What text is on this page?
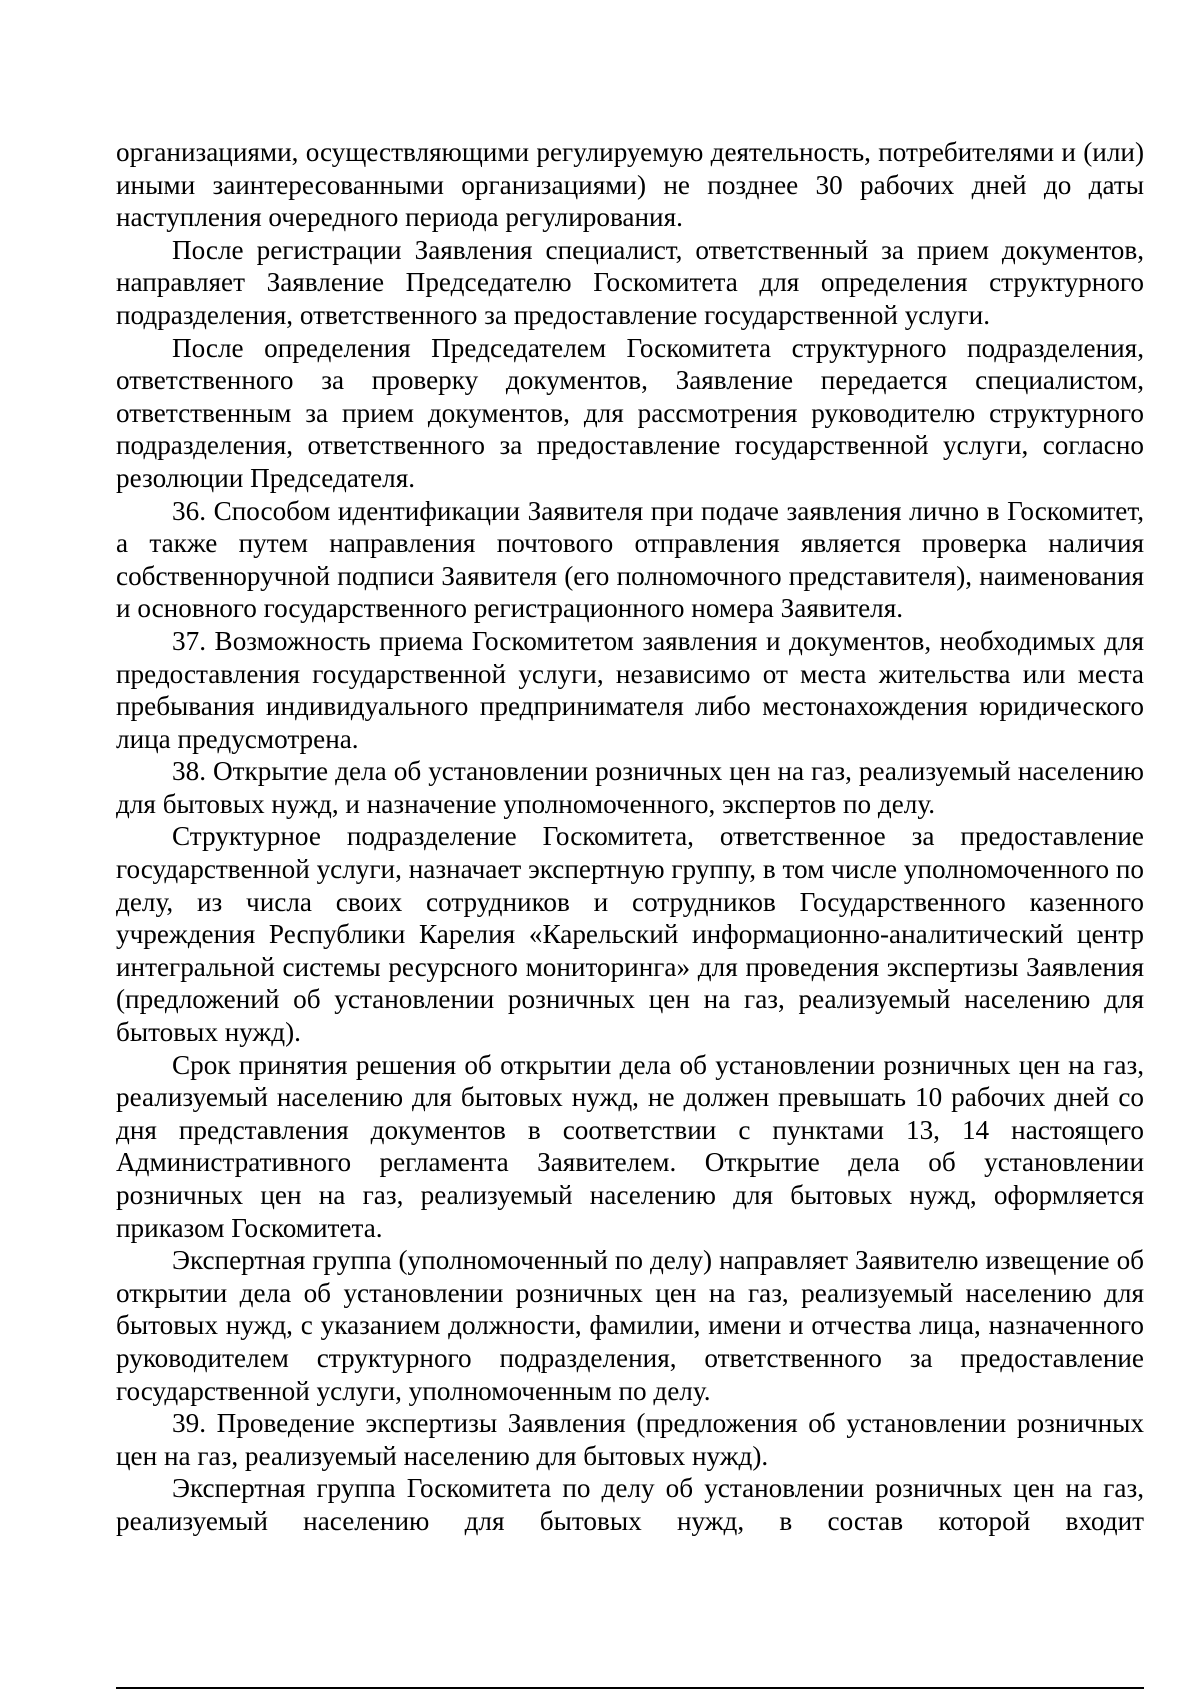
организациями, осуществляющими регулируемую деятельность, потребителями и (или) иными заинтересованными организациями) не позднее 30 рабочих дней до даты наступления очередного периода регулирования.

После регистрации Заявления специалист, ответственный за прием документов, направляет Заявление Председателю Госкомитета для определения структурного подразделения, ответственного за предоставление государственной услуги.

После определения Председателем Госкомитета структурного подразделения, ответственного за проверку документов, Заявление передается специалистом, ответственным за прием документов, для рассмотрения руководителю структурного подразделения, ответственного за предоставление государственной услуги, согласно резолюции Председателя.

36. Способом идентификации Заявителя при подаче заявления лично в Госкомитет, а также путем направления почтового отправления является проверка наличия собственноручной подписи Заявителя (его полномочного представителя), наименования и основного государственного регистрационного номера Заявителя.

37. Возможность приема Госкомитетом заявления и документов, необходимых для предоставления государственной услуги, независимо от места жительства или места пребывания индивидуального предпринимателя либо местонахождения юридического лица предусмотрена.

38. Открытие дела об установлении розничных цен на газ, реализуемый населению для бытовых нужд, и назначение уполномоченного, экспертов по делу.

Структурное подразделение Госкомитета, ответственное за предоставление государственной услуги, назначает экспертную группу, в том числе уполномоченного по делу, из числа своих сотрудников и сотрудников Государственного казенного учреждения Республики Карелия «Карельский информационно-аналитический центр интегральной системы ресурсного мониторинга» для проведения экспертизы Заявления (предложений об установлении розничных цен на газ, реализуемый населению для бытовых нужд).

Срок принятия решения об открытии дела об установлении розничных цен на газ, реализуемый населению для бытовых нужд, не должен превышать 10 рабочих дней со дня представления документов в соответствии с пунктами 13, 14 настоящего Административного регламента Заявителем. Открытие дела об установлении розничных цен на газ, реализуемый населению для бытовых нужд, оформляется приказом Госкомитета.

Экспертная группа (уполномоченный по делу) направляет Заявителю извещение об открытии дела об установлении розничных цен на газ, реализуемый населению для бытовых нужд, с указанием должности, фамилии, имени и отчества лица, назначенного руководителем структурного подразделения, ответственного за предоставление государственной услуги, уполномоченным по делу.

39. Проведение экспертизы Заявления (предложения об установлении розничных цен на газ, реализуемый населению для бытовых нужд).

Экспертная группа Госкомитета по делу об установлении розничных цен на газ, реализуемый населению для бытовых нужд, в состав которой входит
